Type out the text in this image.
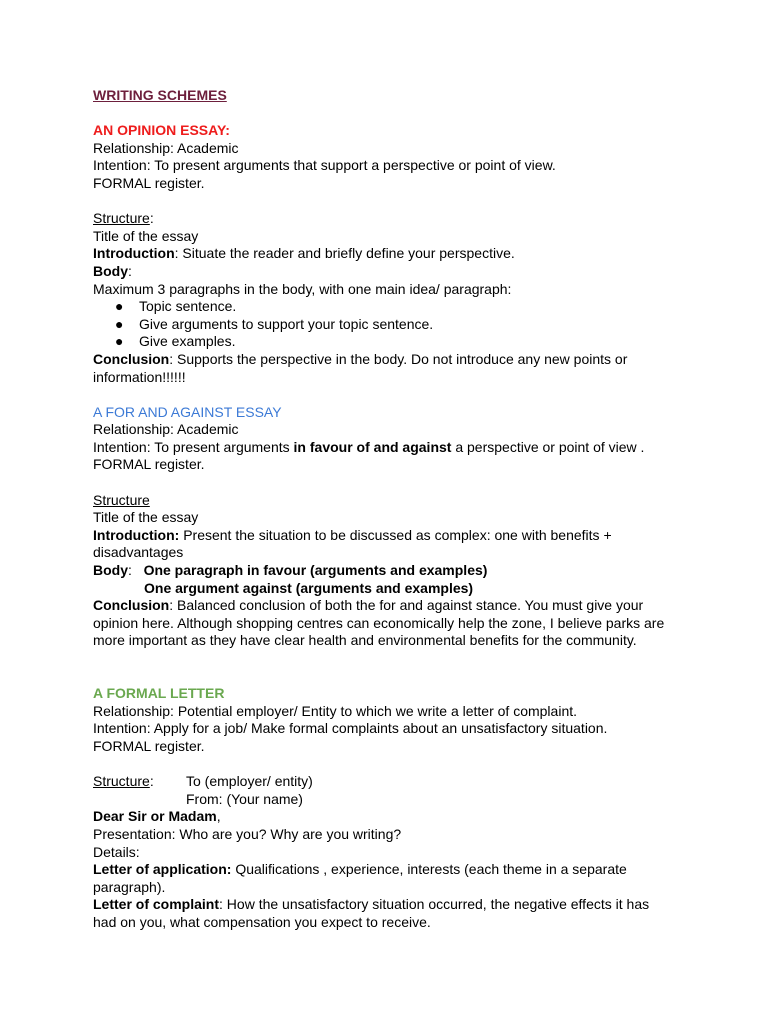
WRITING SCHEMES
AN OPINION ESSAY:
Relationship: Academic
Intention: To present arguments that support a perspective or point of view.
FORMAL register.
Structure:
Title of the essay
Introduction: Situate the reader and briefly define your perspective.
Body:
Maximum 3 paragraphs in the body, with one main idea/ paragraph:
● Topic sentence.
● Give arguments to support your topic sentence.
● Give examples.
Conclusion: Supports the perspective in the body. Do not introduce any new points or
information!!!!!!
A FOR AND AGAINST ESSAY
Relationship: Academic
Intention: To present arguments in favour of and against a perspective or point of view .
FORMAL register.
Structure
Title of the essay
Introduction: Present the situation to be discussed as complex: one with benefits +
disadvantages
Body:   One paragraph in favour (arguments and examples)
One argument against (arguments and examples)
Conclusion: Balanced conclusion of both the for and against stance. You must give your
opinion here. Although shopping centres can economically help the zone, I believe parks are
more important as they have clear health and environmental benefits for the community.
A FORMAL LETTER
Relationship: Potential employer/ Entity to which we write a letter of complaint.
Intention: Apply for a job/ Make formal complaints about an unsatisfactory situation.
FORMAL register.
Structure: To (employer/ entity)
From: (Your name)
Dear Sir or Madam,
Presentation: Who are you? Why are you writing?
Details:
Letter of application: Qualifications , experience, interests (each theme in a separate
paragraph).
Letter of complaint: How the unsatisfactory situation occurred, the negative effects it has
had on you, what compensation you expect to receive.
